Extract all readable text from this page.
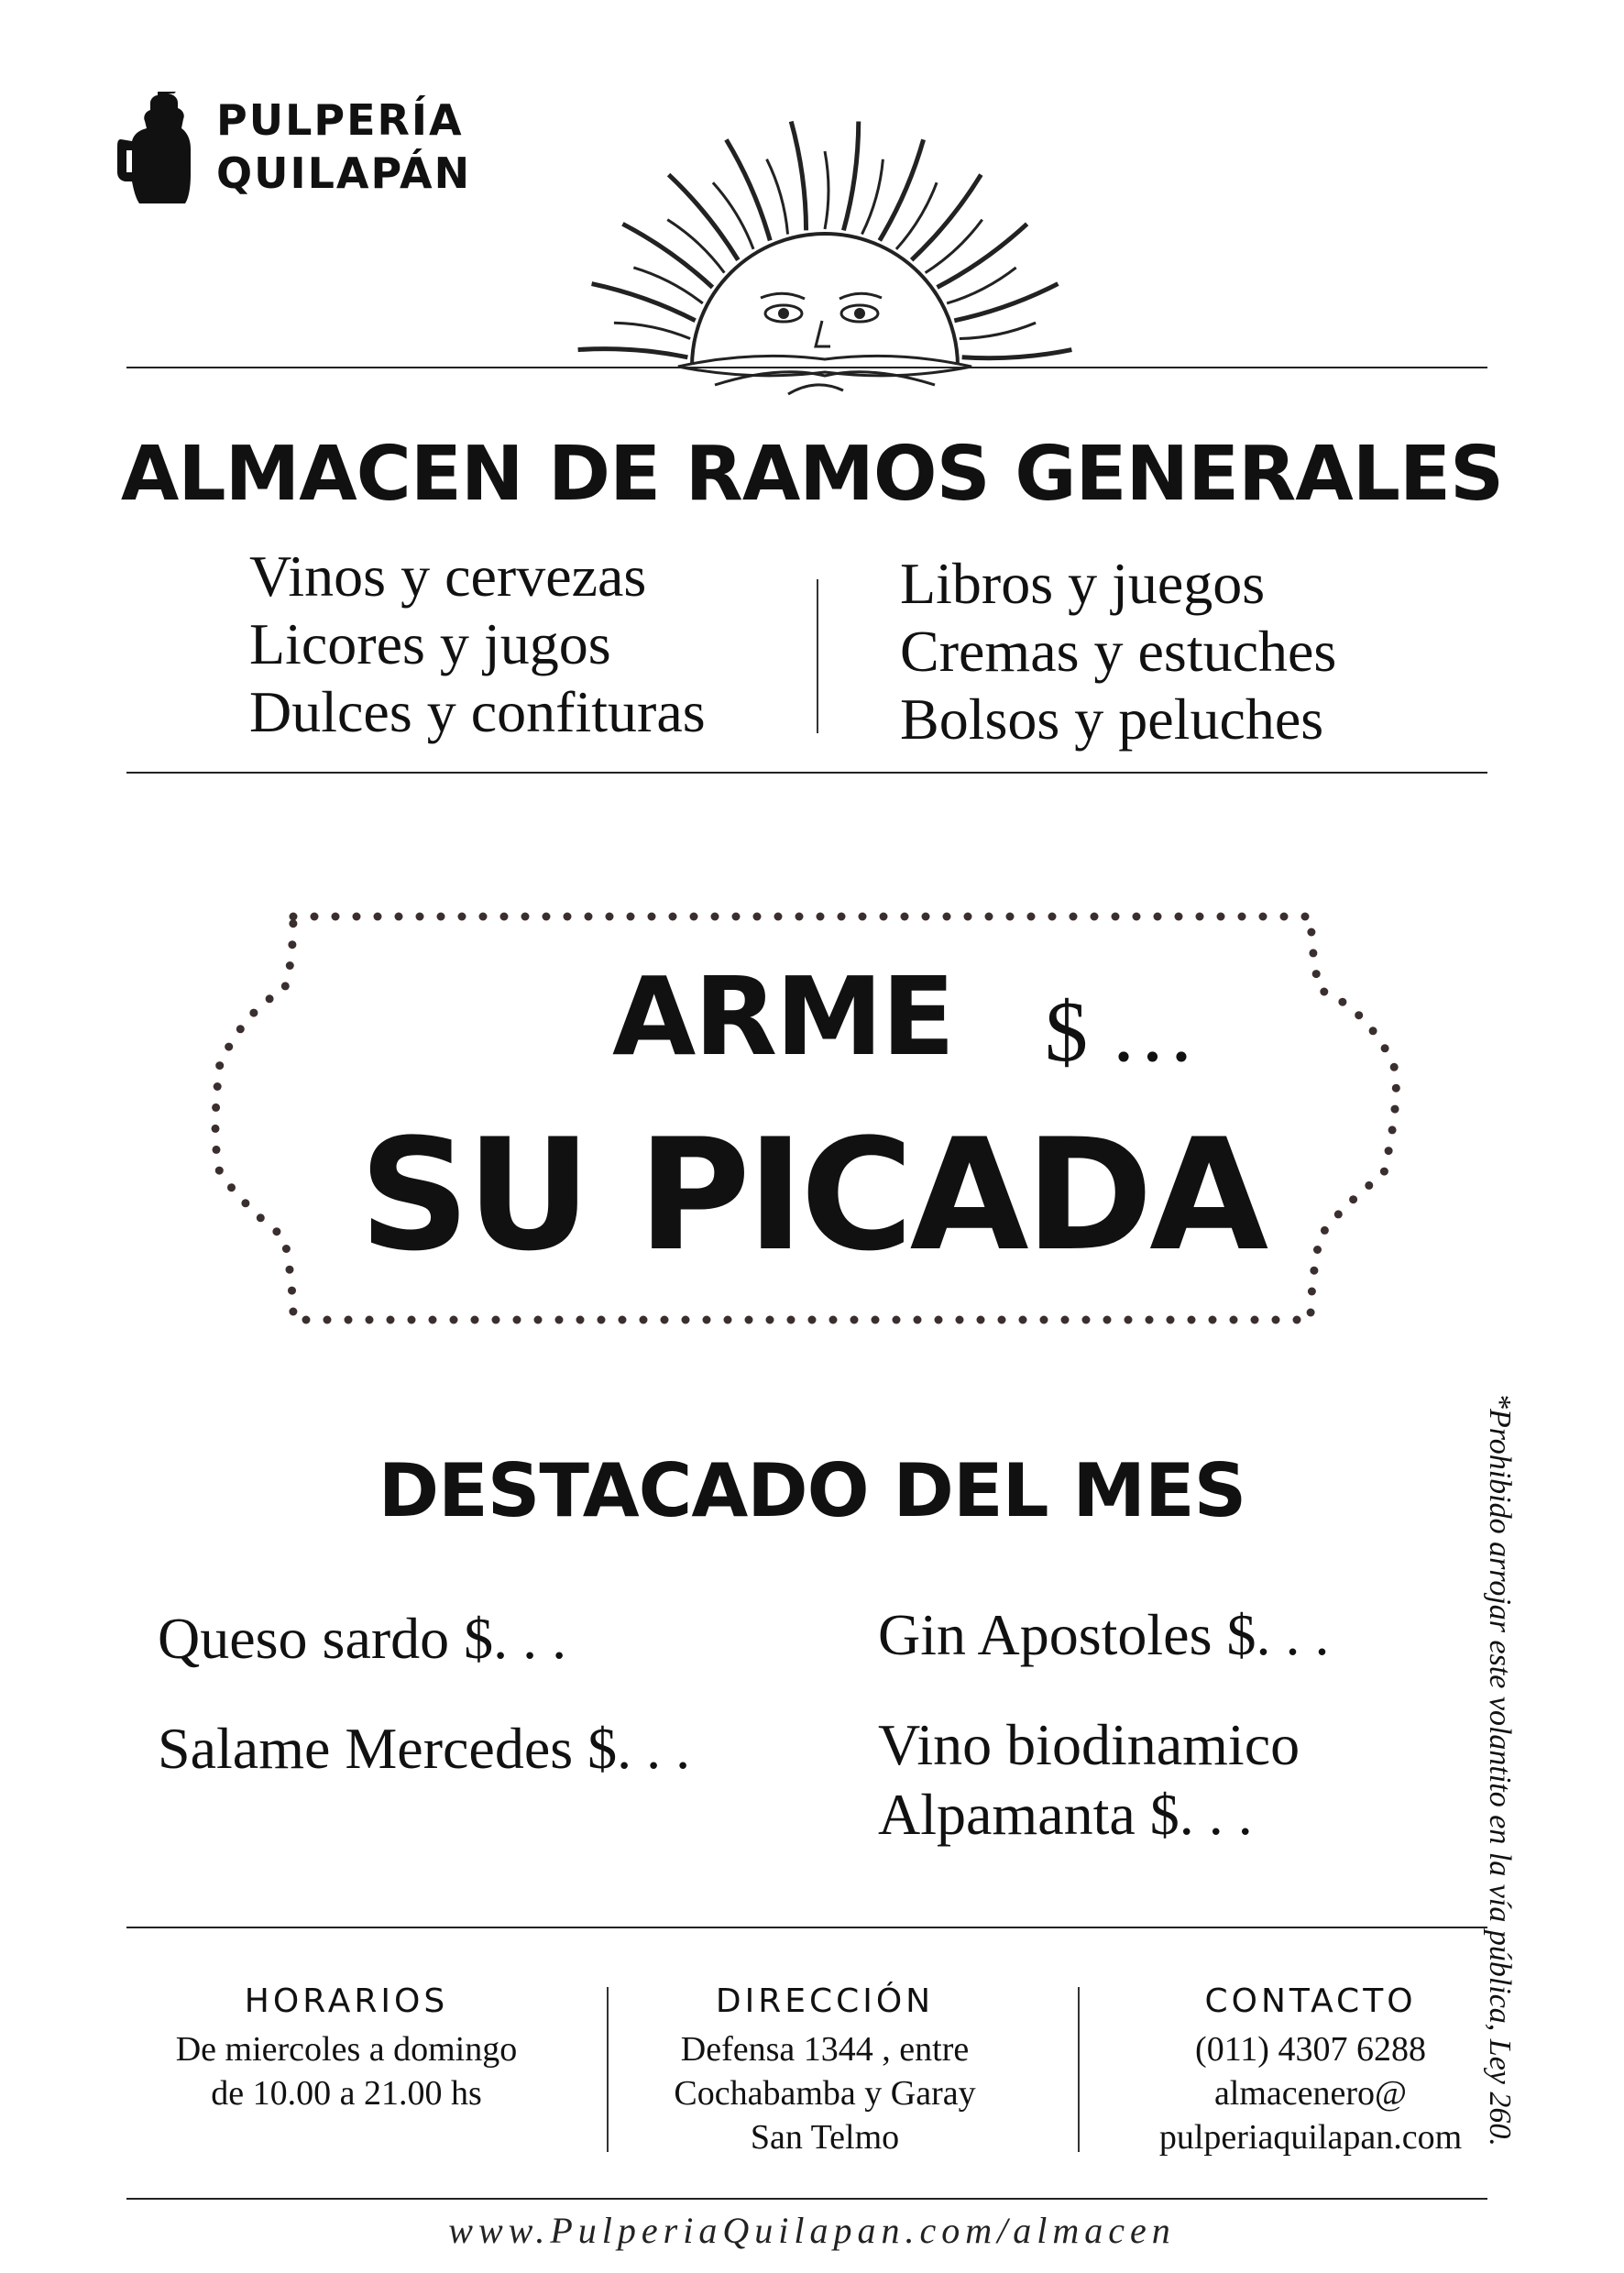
PULPERÍA
QUILAPÁN
ALMACEN DE RAMOS GENERALES
Vinos y cervezas
Licores y jugos
Dulces y confituras
Libros y juegos
Cremas y estuches
Bolsos y peluches
ARME $ …
SU PICADA
DESTACADO DEL MES
Queso sardo $. . .
Salame Mercedes $. . .
Gin Apostoles $. . .
Vino biodinamico
Alpamanta $. . .
HORARIOS
De miercoles a domingo
de 10.00 a 21.00 hs
DIRECCIÓN
Defensa 1344 , entre
Cochabamba y Garay
San Telmo
CONTACTO
(011) 4307 6288
almacenero@
pulperiaquilapan.com
www.PulperiaQuilapan.com/almacen
*Prohibido arrojar este volantito en la vía pública, Ley 260.
